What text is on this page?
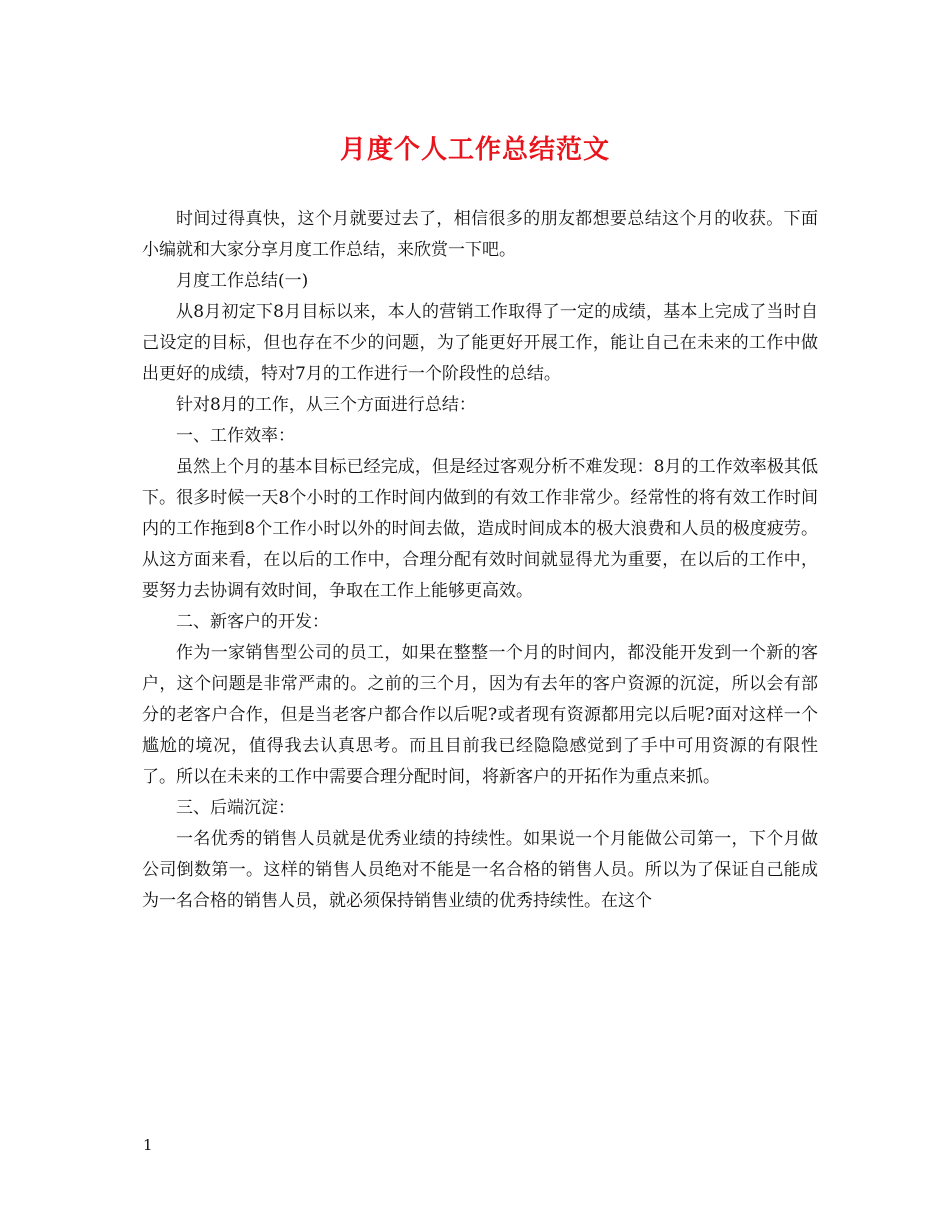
月度个人工作总结范文

时间过得真快，这个月就要过去了，相信很多的朋友都想要总结这个月的收获。下面小编就和大家分享月度工作总结，来欣赏一下吧。

月度工作总结(一)

从8月初定下8月目标以来，本人的营销工作取得了一定的成绩，基本上完成了当时自己设定的目标，但也存在不少的问题，为了能更好开展工作，能让自己在未来的工作中做出更好的成绩，特对7月的工作进行一个阶段性的总结。

针对8月的工作，从三个方面进行总结：

一、工作效率：

虽然上个月的基本目标已经完成，但是经过客观分析不难发现：8月的工作效率极其低下。很多时候一天8个小时的工作时间内做到的有效工作非常少。经常性的将有效工作时间内的工作拖到8个工作小时以外的时间去做，造成时间成本的极大浪费和人员的极度疲劳。从这方面来看，在以后的工作中，合理分配有效时间就显得尤为重要，在以后的工作中，要努力去协调有效时间，争取在工作上能够更高效。

二、新客户的开发：

作为一家销售型公司的员工，如果在整整一个月的时间内，都没能开发到一个新的客户，这个问题是非常严肃的。之前的三个月，因为有去年的客户资源的沉淀，所以会有部分的老客户合作，但是当老客户都合作以后呢?或者现有资源都用完以后呢?面对这样一个尴尬的境况，值得我去认真思考。而且目前我已经隐隐感觉到了手中可用资源的有限性了。所以在未来的工作中需要合理分配时间，将新客户的开拓作为重点来抓。

三、后端沉淀：

一名优秀的销售人员就是优秀业绩的持续性。如果说一个月能做公司第一，下个月做公司倒数第一。这样的销售人员绝对不能是一名合格的销售人员。所以为了保证自己能成为一名合格的销售人员，就必须保持销售业绩的优秀持续性。在这个

1
